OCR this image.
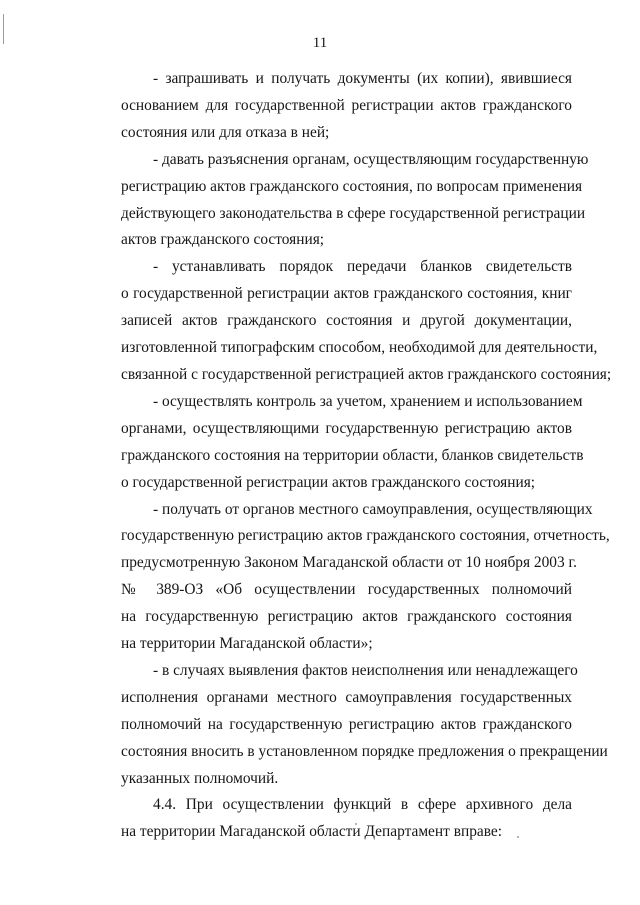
11
- запрашивать и получать документы (их копии), явившиеся
основанием для государственной регистрации актов гражданского
состояния или для отказа в ней;
- давать разъяснения органам, осуществляющим государственную
регистрацию актов гражданского состояния, по вопросам применения
действующего законодательства в сфере государственной регистрации
актов гражданского состояния;
- устанавливать порядок передачи бланков свидетельств
о государственной регистрации актов гражданского состояния, книг
записей актов гражданского состояния и другой документации,
изготовленной типографским способом, необходимой для деятельности,
связанной с государственной регистрацией актов гражданского состояния;
- осуществлять контроль за учетом, хранением и использованием
органами, осуществляющими государственную регистрацию актов
гражданского состояния на территории области, бланков свидетельств
о государственной регистрации актов гражданского состояния;
- получать от органов местного самоуправления, осуществляющих
государственную регистрацию актов гражданского состояния, отчетность,
предусмотренную Законом Магаданской области от 10 ноября 2003 г.
№ 389-ОЗ «Об осуществлении государственных полномочий
на государственную регистрацию актов гражданского состояния
на территории Магаданской области»;
- в случаях выявления фактов неисполнения или ненадлежащего
исполнения органами местного самоуправления государственных
полномочий на государственную регистрацию актов гражданского
состояния вносить в установленном порядке предложения о прекращении
указанных полномочий.
4.4. При осуществлении функций в сфере архивного дела
на территории Магаданской области Департамент вправе:
